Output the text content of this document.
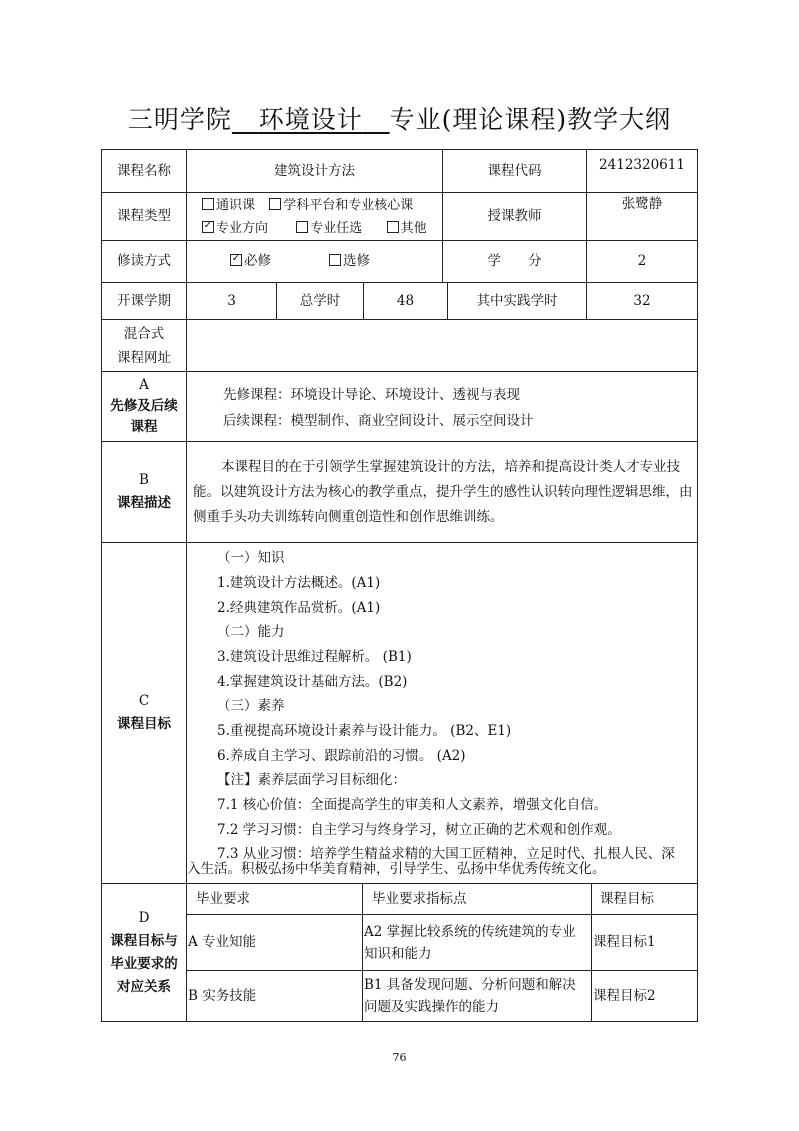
三明学院 环境设计 专业(理论课程)教学大纲
课程名称	建筑设计方法	课程代码	2412320611
课程类型
通识课 学科平台和专业核心课
✓专业方向	专业任选	其他
授课教师
张鹭静
修读方式
✓	必修	选修	学　　分	2
开课学期	3	总学时	48	其中实践学时	32
混合式
课程网址
A
先修及后续
课程
先修课程：环境设计导论、环境设计、透视与表现
后续课程：模型制作、商业空间设计、展示空间设计
B
课程描述
本课程目的在于引领学生掌握建筑设计的方法，培养和提高设计类人才专业技能。以建筑设计方法为核心的教学重点，提升学生的感性认识转向理性逻辑思维，由侧重手头功夫训练转向侧重创造性和创作思维训练。
C
课程目标
（一）知识
1.建筑设计方法概述。(A1)
2.经典建筑作品赏析。(A1)
（二）能力
3.建筑设计思维过程解析。 (B1)
4.掌握建筑设计基础方法。(B2)
（三）素养
5.重视提高环境设计素养与设计能力。 (B2、E1)
6.养成自主学习、跟踪前沿的习惯。 (A2)
【注】素养层面学习目标细化：
7.1 核心价值：全面提高学生的审美和人文素养，增强文化自信。
7.2 学习习惯：自主学习与终身学习，树立正确的艺术观和创作观。
7.3 从业习惯：培养学生精益求精的大国工匠精神，立足时代、扎根人民、深
入生活。积极弘扬中华美育精神，引导学生、弘扬中华优秀传统文化。
D
课程目标与
毕业要求的
对应关系
毕业要求	毕业要求指标点	课程目标
A 专业知能
A2 掌握比较系统的传统建筑的专业知识和能力
课程目标1
B 实务技能
B1 具备发现问题、分析问题和解决问题及实践操作的能力
课程目标2
76
